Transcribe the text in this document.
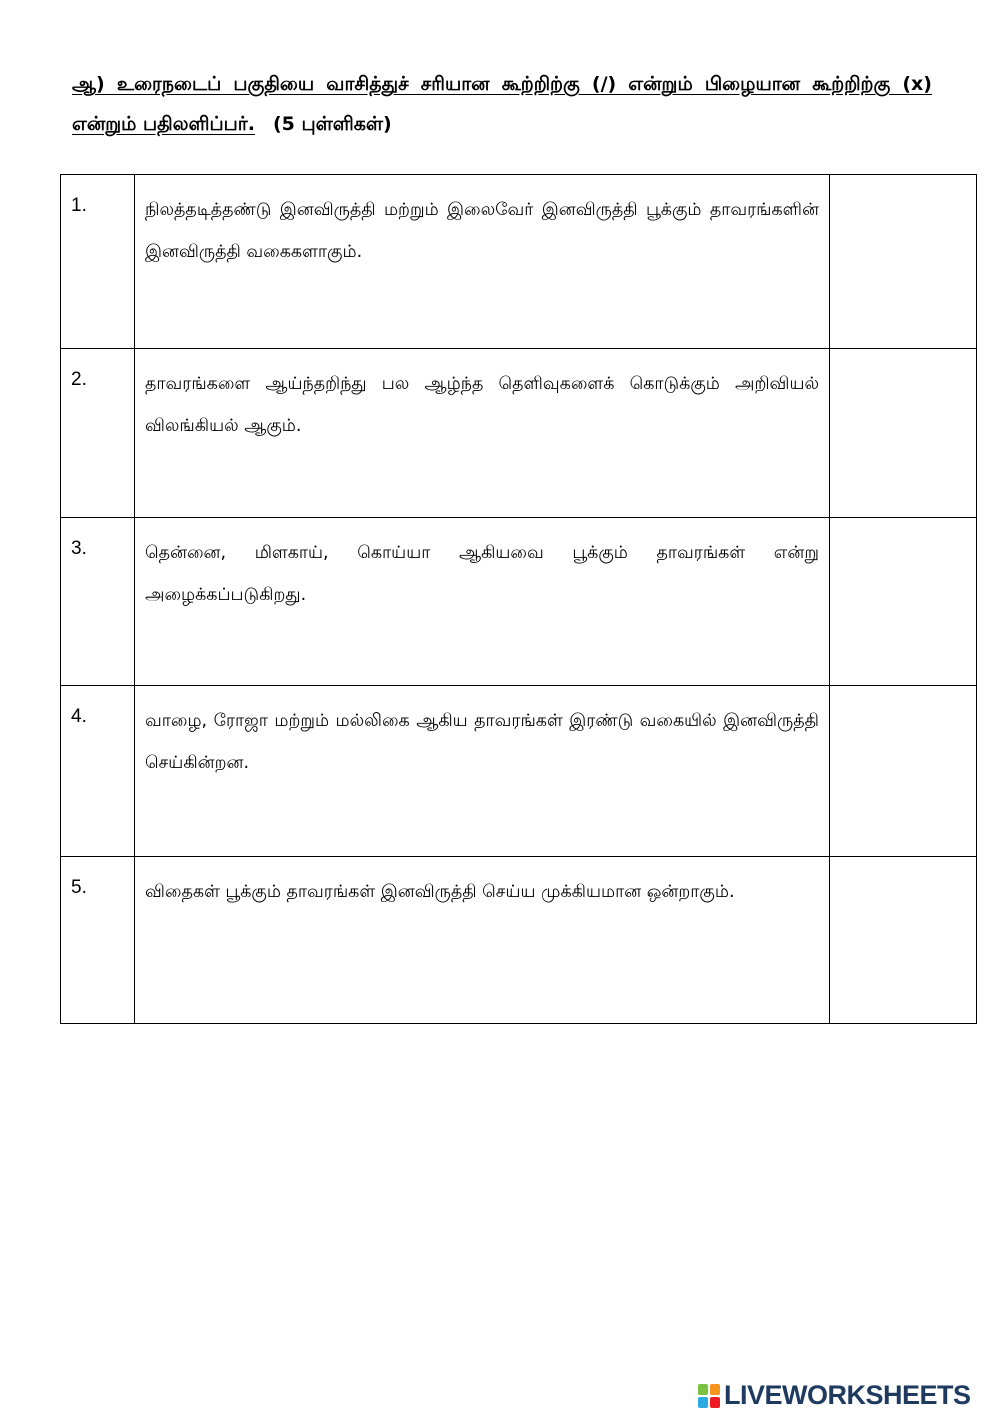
ஆ) உரைநடைப் பகுதியை வாசித்துச் சரியான கூற்றிற்கு (/) என்றும் பிழையான கூற்றிற்கு (x) என்றும் பதிலளிப்பர். (5 புள்ளிகள்)
1.	நிலத்தடித்தண்டு இனவிருத்தி மற்றும் இலைவேர் இனவிருத்தி பூக்கும் தாவரங்களின் இனவிருத்தி வகைகளாகும்.	

2.	தாவரங்களை ஆய்ந்தறிந்து பல ஆழ்ந்த தெளிவுகளைக் கொடுக்கும் அறிவியல் விலங்கியல் ஆகும்.	

3.	தென்னை, மிளகாய், கொய்யா ஆகியவை பூக்கும் தாவரங்கள் என்று அழைக்கப்படுகிறது.	

4.	வாழை, ரோஜா மற்றும் மல்லிகை ஆகிய தாவரங்கள் இரண்டு வகையில் இனவிருத்தி செய்கின்றன.	

5.	விதைகள் பூக்கும் தாவரங்கள் இனவிருத்தி செய்ய முக்கியமான ஒன்றாகும்.	
LIVEWORKSHEETS
